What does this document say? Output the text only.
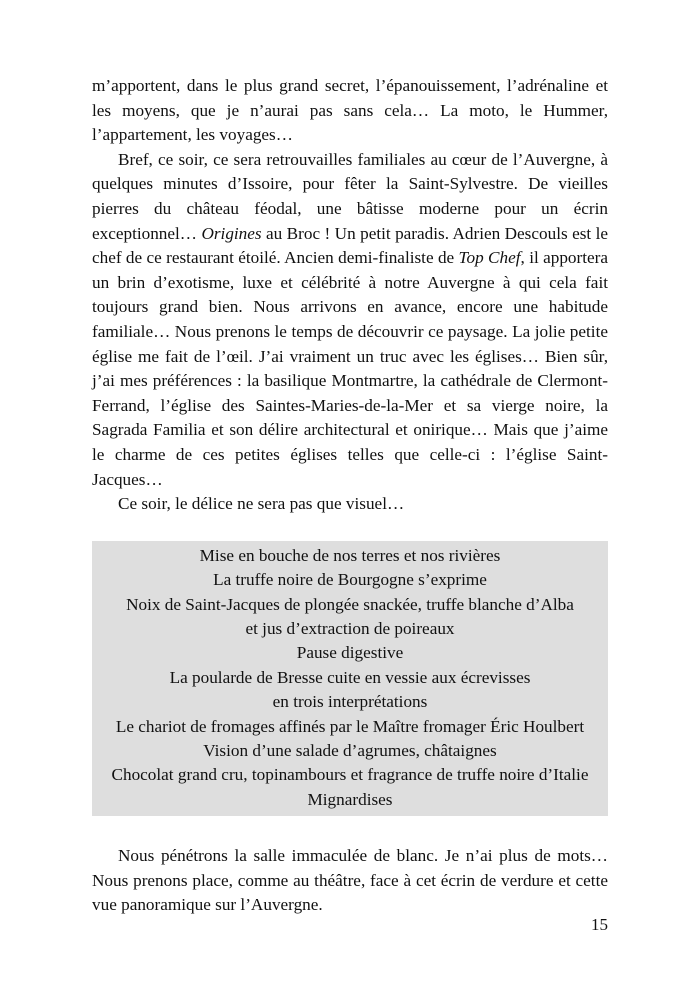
m’apportent, dans le plus grand secret, l’épanouissement, l’adrénaline et les moyens, que je n’aurai pas sans cela… La moto, le Hummer, l’appartement, les voyages…

Bref, ce soir, ce sera retrouvailles familiales au cœur de l’Auvergne, à quelques minutes d’Issoire, pour fêter la Saint-Sylvestre. De vieilles pierres du château féodal, une bâtisse moderne pour un écrin exceptionnel… Origines au Broc ! Un petit paradis. Adrien Descouls est le chef de ce restaurant étoilé. Ancien demi-finaliste de Top Chef, il apportera un brin d’exotisme, luxe et célébrité à notre Auvergne à qui cela fait toujours grand bien. Nous arrivons en avance, encore une habitude familiale… Nous prenons le temps de découvrir ce paysage. La jolie petite église me fait de l’œil. J’ai vraiment un truc avec les églises… Bien sûr, j’ai mes préférences : la basilique Montmartre, la cathédrale de Clermont-Ferrand, l’église des Saintes-Maries-de-la-Mer et sa vierge noire, la Sagrada Familia et son délire architectural et onirique… Mais que j’aime le charme de ces petites églises telles que celle-ci : l’église Saint-Jacques…

Ce soir, le délice ne sera pas que visuel…

Mise en bouche de nos terres et nos rivières
La truffe noire de Bourgogne s’exprime
Noix de Saint-Jacques de plongée snackée, truffe blanche d’Alba
et jus d’extraction de poireaux
Pause digestive
La poularde de Bresse cuite en vessie aux écrevisses
en trois interprétations
Le chariot de fromages affinés par le Maître fromager Éric Houlbert
Vision d’une salade d’agrumes, châtaignes
Chocolat grand cru, topinambours et fragrance de truffe noire d’Italie
Mignardises

Nous pénétrons la salle immaculée de blanc. Je n’ai plus de mots… Nous prenons place, comme au théâtre, face à cet écrin de verdure et cette vue panoramique sur l’Auvergne.

15
